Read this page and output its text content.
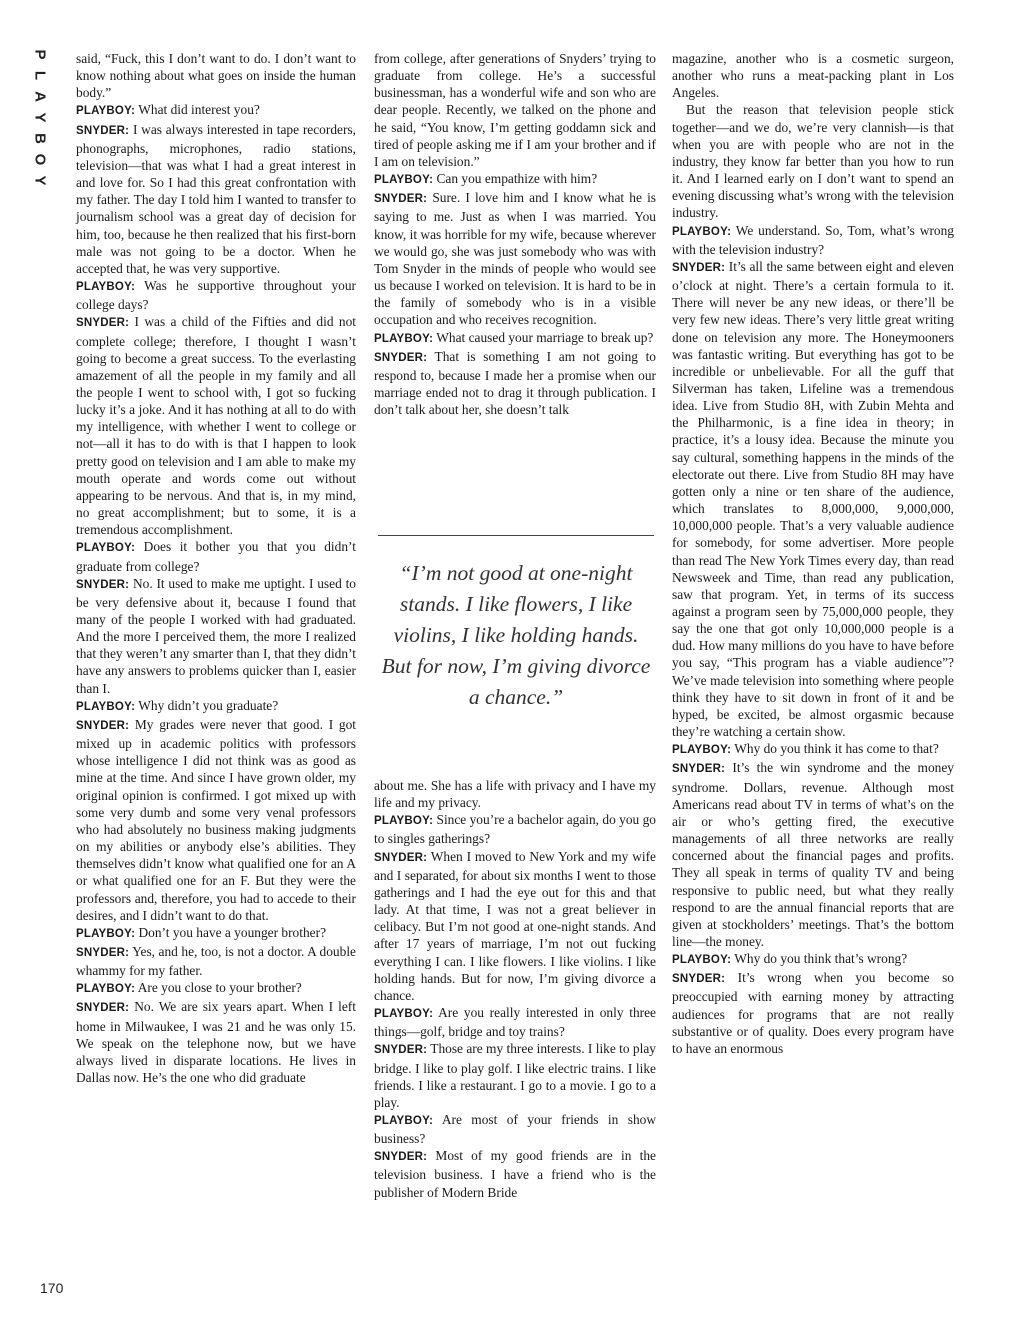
P
L
A
Y
B
O
Y

said, “Fuck, this I don’t want to do. I don’t want to know nothing about what goes on inside the human body.”

PLAYBOY: What did interest you?

SNYDER: I was always interested in tape recorders, phonographs, microphones, radio stations, television—that was what I had a great interest in and love for. So I had this great confrontation with my father. The day I told him I wanted to transfer to journalism school was a great day of decision for him, too, because he then realized that his first-born male was not going to be a doctor. When he accepted that, he was very supportive.

PLAYBOY: Was he supportive throughout your college days?

SNYDER: I was a child of the Fifties and did not complete college; therefore, I thought I wasn’t going to become a great success. To the everlasting amazement of all the people in my family and all the people I went to school with, I got so fucking lucky it’s a joke. And it has nothing at all to do with my intelligence, with whether I went to college or not—all it has to do with is that I happen to look pretty good on television and I am able to make my mouth operate and words come out without appearing to be nervous. And that is, in my mind, no great accomplishment; but to some, it is a tremendous accomplishment.

PLAYBOY: Does it bother you that you didn’t graduate from college?

SNYDER: No. It used to make me uptight. I used to be very defensive about it, because I found that many of the people I worked with had graduated. And the more I perceived them, the more I realized that they weren’t any smarter than I, that they didn’t have any answers to problems quicker than I, easier than I.

PLAYBOY: Why didn’t you graduate?

SNYDER: My grades were never that good. I got mixed up in academic politics with professors whose intelligence I did not think was as good as mine at the time. And since I have grown older, my original opinion is confirmed. I got mixed up with some very dumb and some very venal professors who had absolutely no business making judgments on my abilities or anybody else’s abilities. They themselves didn’t know what qualified one for an A or what qualified one for an F. But they were the professors and, therefore, you had to accede to their desires, and I didn’t want to do that.

PLAYBOY: Don’t you have a younger brother?

SNYDER: Yes, and he, too, is not a doctor. A double whammy for my father.

PLAYBOY: Are you close to your brother?

SNYDER: No. We are six years apart. When I left home in Milwaukee, I was 21 and he was only 15. We speak on the telephone now, but we have always lived in disparate locations. He lives in Dallas now. He’s the one who did graduate

from college, after generations of Snyders’ trying to graduate from college. He’s a successful businessman, has a wonderful wife and son who are dear people. Recently, we talked on the phone and he said, “You know, I’m getting goddamn sick and tired of people asking me if I am your brother and if I am on television.”

PLAYBOY: Can you empathize with him?

SNYDER: Sure. I love him and I know what he is saying to me. Just as when I was married. You know, it was horrible for my wife, because wherever we would go, she was just somebody who was with Tom Snyder in the minds of people who would see us because I worked on television. It is hard to be in the family of somebody who is in a visible occupation and who receives recognition.

PLAYBOY: What caused your marriage to break up?

SNYDER: That is something I am not going to respond to, because I made her a promise when our marriage ended not to drag it through publication. I don’t talk about her, she doesn’t talk

“I’m not good at one-night stands. I like flowers, I like violins, I like holding hands. But for now, I’m giving divorce a chance.”

about me. She has a life with privacy and I have my life and my privacy.

PLAYBOY: Since you’re a bachelor again, do you go to singles gatherings?

SNYDER: When I moved to New York and my wife and I separated, for about six months I went to those gatherings and I had the eye out for this and that lady. At that time, I was not a great believer in celibacy. But I’m not good at one-night stands. And after 17 years of marriage, I’m not out fucking everything I can. I like flowers. I like violins. I like holding hands. But for now, I’m giving divorce a chance.

PLAYBOY: Are you really interested in only three things—golf, bridge and toy trains?

SNYDER: Those are my three interests. I like to play bridge. I like to play golf. I like electric trains. I like friends. I like a restaurant. I go to a movie. I go to a play.

PLAYBOY: Are most of your friends in show business?

SNYDER: Most of my good friends are in the television business. I have a friend who is the publisher of Modern Bride

magazine, another who is a cosmetic surgeon, another who runs a meat-packing plant in Los Angeles.

But the reason that television people stick together—and we do, we’re very clannish—is that when you are with people who are not in the industry, they know far better than you how to run it. And I learned early on I don’t want to spend an evening discussing what’s wrong with the television industry.

PLAYBOY: We understand. So, Tom, what’s wrong with the television industry?

SNYDER: It’s all the same between eight and eleven o’clock at night. There’s a certain formula to it. There will never be any new ideas, or there’ll be very few new ideas. There’s very little great writing done on television any more. The Honeymooners was fantastic writing. But everything has got to be incredible or unbelievable. For all the guff that Silverman has taken, Lifeline was a tremendous idea. Live from Studio 8H, with Zubin Mehta and the Philharmonic, is a fine idea in theory; in practice, it’s a lousy idea. Because the minute you say cultural, something happens in the minds of the electorate out there. Live from Studio 8H may have gotten only a nine or ten share of the audience, which translates to 8,000,000, 9,000,000, 10,000,000 people. That’s a very valuable audience for somebody, for some advertiser. More people than read The New York Times every day, than read Newsweek and Time, than read any publication, saw that program. Yet, in terms of its success against a program seen by 75,000,000 people, they say the one that got only 10,000,000 people is a dud. How many millions do you have to have before you say, “This program has a viable audience”? We’ve made television into something where people think they have to sit down in front of it and be hyped, be excited, be almost orgasmic because they’re watching a certain show.

PLAYBOY: Why do you think it has come to that?

SNYDER: It’s the win syndrome and the money syndrome. Dollars, revenue. Although most Americans read about TV in terms of what’s on the air or who’s getting fired, the executive managements of all three networks are really concerned about the financial pages and profits. They all speak in terms of quality TV and being responsive to public need, but what they really respond to are the annual financial reports that are given at stockholders’ meetings. That’s the bottom line—the money.

PLAYBOY: Why do you think that’s wrong?

SNYDER: It’s wrong when you become so preoccupied with earning money by attracting audiences for programs that are not really substantive or of quality. Does every program have to have an enormous

170
